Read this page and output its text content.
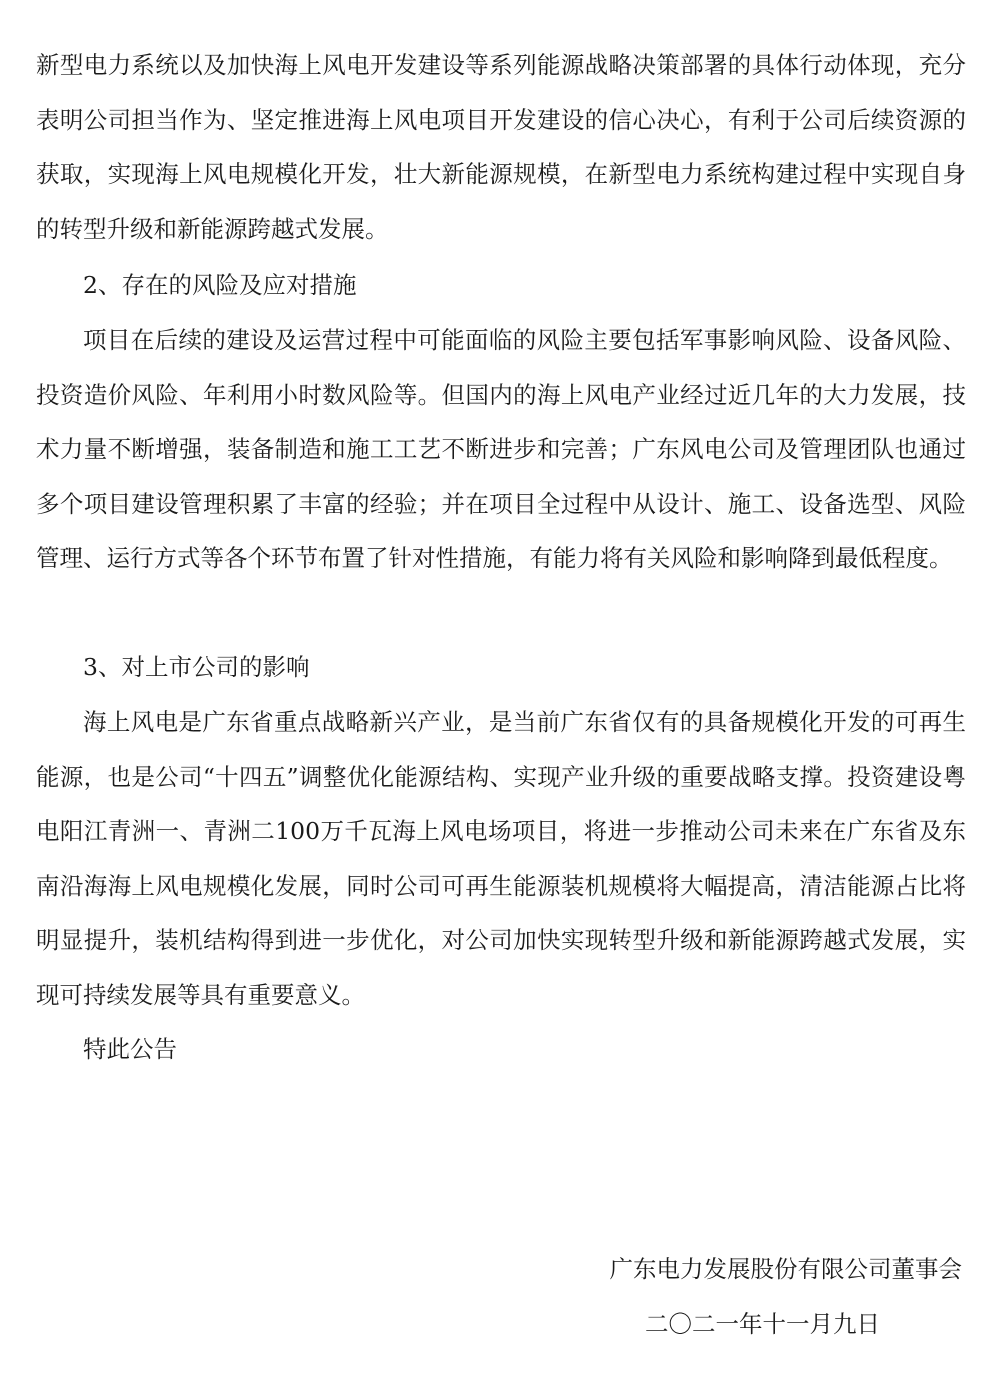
新型电力系统以及加快海上风电开发建设等系列能源战略决策部署的具体行动体现，充分表明公司担当作为、坚定推进海上风电项目开发建设的信心决心，有利于公司后续资源的获取，实现海上风电规模化开发，壮大新能源规模，在新型电力系统构建过程中实现自身的转型升级和新能源跨越式发展。

2、存在的风险及应对措施

项目在后续的建设及运营过程中可能面临的风险主要包括军事影响风险、设备风险、投资造价风险、年利用小时数风险等。但国内的海上风电产业经过近几年的大力发展，技术力量不断增强，装备制造和施工工艺不断进步和完善；广东风电公司及管理团队也通过多个项目建设管理积累了丰富的经验；并在项目全过程中从设计、施工、设备选型、风险管理、运行方式等各个环节布置了针对性措施，有能力将有关风险和影响降到最低程度。

3、对上市公司的影响

海上风电是广东省重点战略新兴产业，是当前广东省仅有的具备规模化开发的可再生能源，也是公司“十四五”调整优化能源结构、实现产业升级的重要战略支撑。投资建设粤电阳江青洲一、青洲二100万千瓦海上风电场项目，将进一步推动公司未来在广东省及东南沿海海上风电规模化发展，同时公司可再生能源装机规模将大幅提高，清洁能源占比将明显提升，装机结构得到进一步优化，对公司加快实现转型升级和新能源跨越式发展，实现可持续发展等具有重要意义。

特此公告

广东电力发展股份有限公司董事会

二〇二一年十一月九日
